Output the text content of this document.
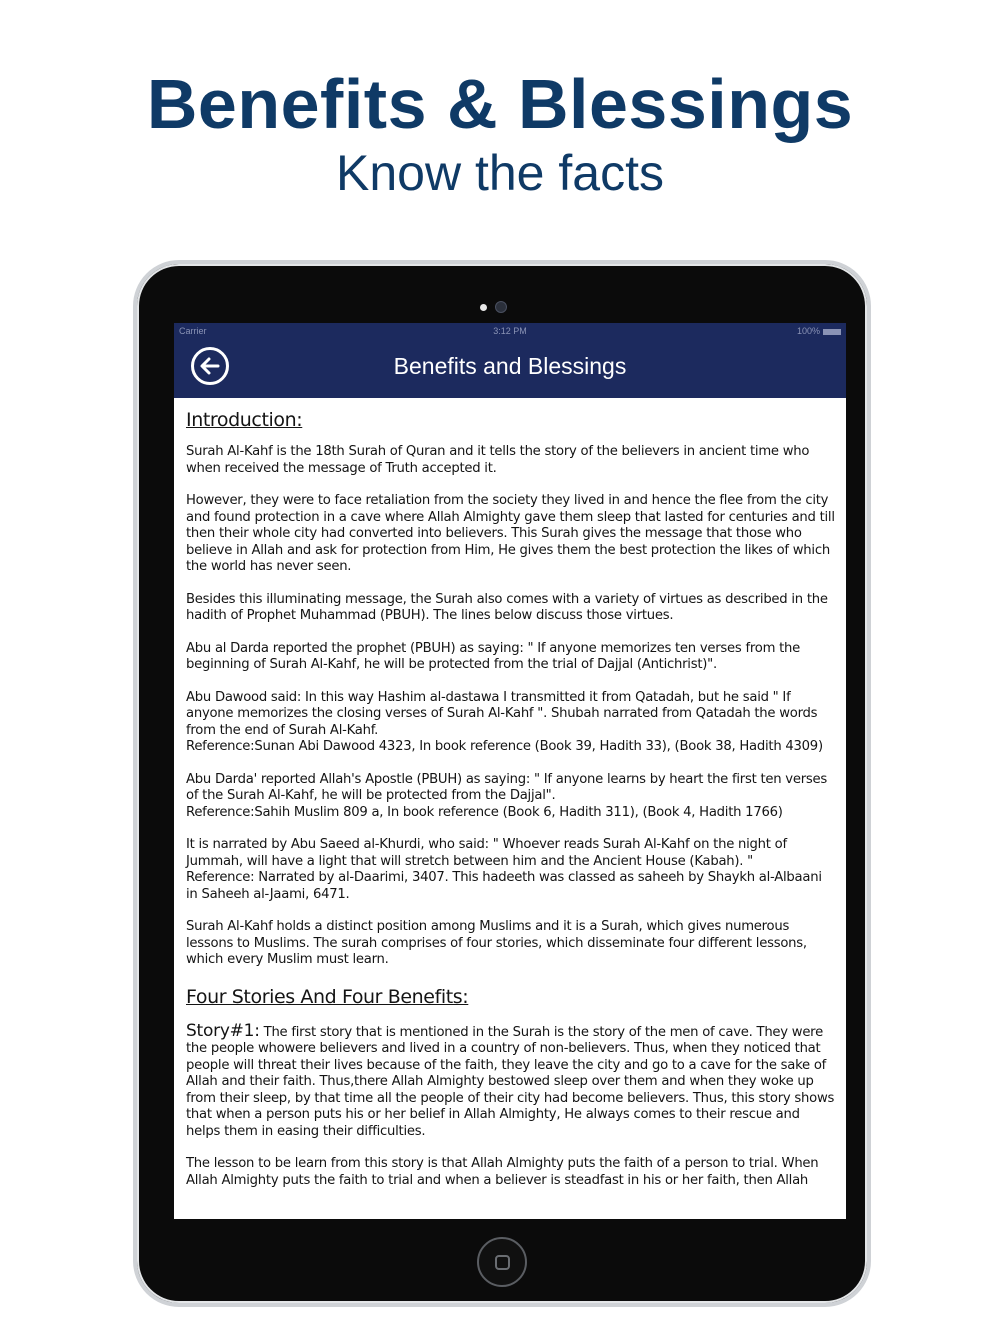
Benefits & Blessings
Know the facts
Carrier	3:12 PM	100%
Benefits and Blessings
Introduction:

Surah Al-Kahf is the 18th Surah of Quran and it tells the story of the believers in ancient time who when received the message of Truth accepted it.

However, they were to face retaliation from the society they lived in and hence the flee from the city and found protection in a cave where Allah Almighty gave them sleep that lasted for centuries and till then their whole city had converted into believers. This Surah gives the message that those who believe in Allah and ask for protection from Him, He gives them the best protection the likes of which the world has never seen.

Besides this illuminating message, the Surah also comes with a variety of virtues as described in the hadith of Prophet Muhammad (PBUH). The lines below discuss those virtues.

Abu al Darda reported the prophet (PBUH) as saying: " If anyone memorizes ten verses from the beginning of Surah Al-Kahf, he will be protected from the trial of Dajjal (Antichrist)".

Abu Dawood said: In this way Hashim al-dastawa I transmitted it from Qatadah, but he said " If anyone memorizes the closing verses of Surah Al-Kahf ". Shubah narrated from Qatadah the words from the end of Surah Al-Kahf.
Reference:Sunan Abi Dawood 4323, In book reference (Book 39, Hadith 33), (Book 38, Hadith 4309)

Abu Darda' reported Allah's Apostle (PBUH) as saying: " If anyone learns by heart the first ten verses of the Surah Al-Kahf, he will be protected from the Dajjal".
Reference:Sahih Muslim 809 a, In book reference (Book 6, Hadith 311), (Book 4, Hadith 1766)

It is narrated by Abu Saeed al-Khurdi, who said: " Whoever reads Surah Al-Kahf on the night of Jummah, will have a light that will stretch between him and the Ancient House (Kabah). "
Reference: Narrated by al-Daarimi, 3407. This hadeeth was classed as saheeh by Shaykh al-Albaani in Saheeh al-Jaami, 6471.

Surah Al-Kahf holds a distinct position among Muslims and it is a Surah, which gives numerous lessons to Muslims. The surah comprises of four stories, which disseminate four different lessons, which every Muslim must learn.

Four Stories And Four Benefits:

Story#1: The first story that is mentioned in the Surah is the story of the men of cave. They were the people whowere believers and lived in a country of non-believers. Thus, when they noticed that people will threat their lives because of the faith, they leave the city and go to a cave for the sake of Allah and their faith. Thus,there Allah Almighty bestowed sleep over them and when they woke up from their sleep, by that time all the people of their city had become believers. Thus, this story shows that when a person puts his or her belief in Allah Almighty, He always comes to their rescue and helps them in easing their difficulties.

The lesson to be learn from this story is that Allah Almighty puts the faith of a person to trial. When Allah Almighty puts the faith to trial and when a believer is steadfast in his or her faith, then Allah
